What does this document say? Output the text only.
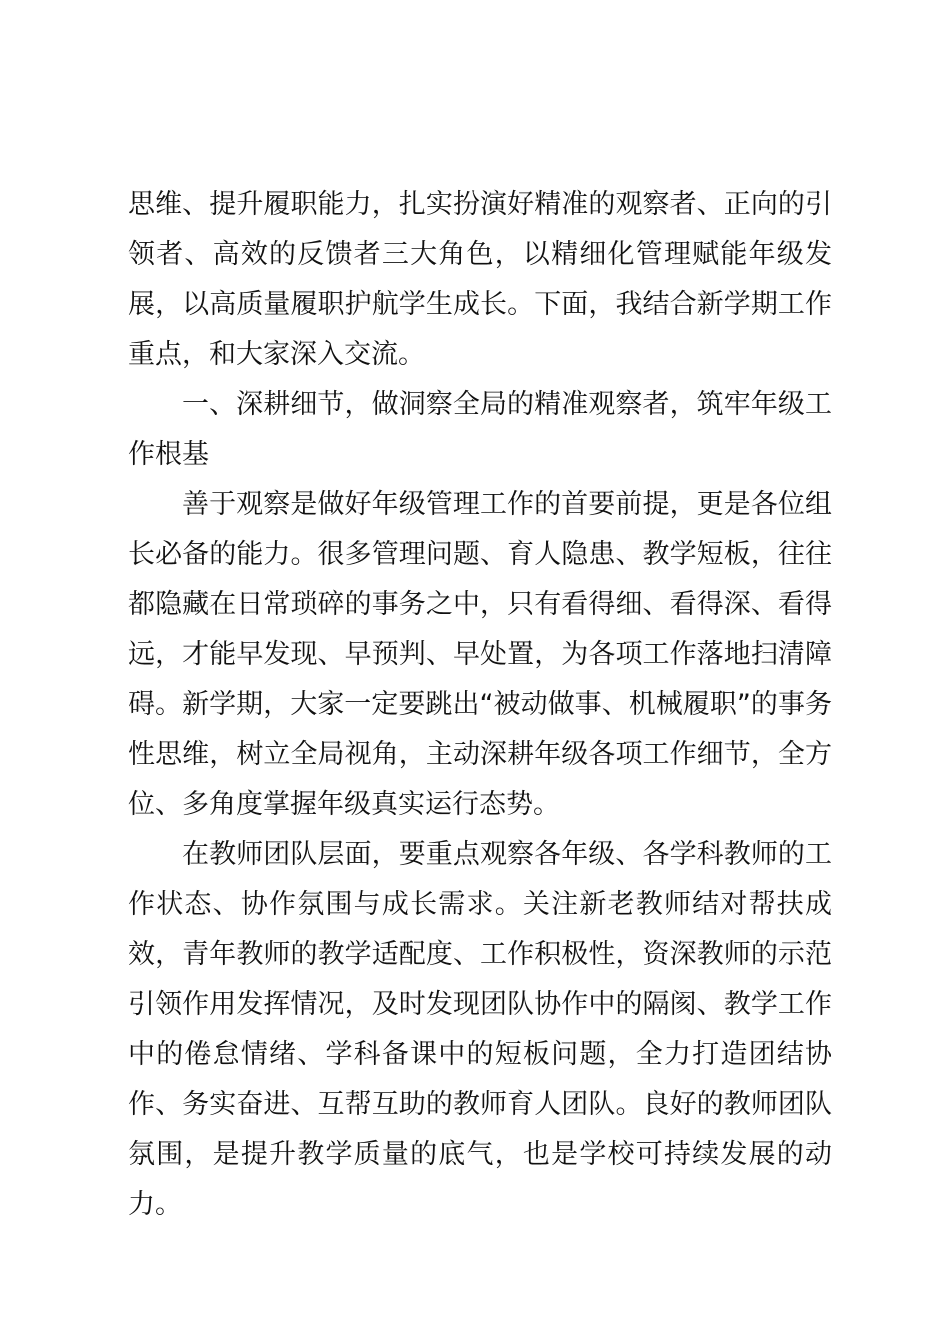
思维、提升履职能力，扎实扮演好精准的观察者、正向的引领者、高效的反馈者三大角色，以精细化管理赋能年级发展，以高质量履职护航学生成长。下面，我结合新学期工作重点，和大家深入交流。

一、深耕细节，做洞察全局的精准观察者，筑牢年级工作根基

善于观察是做好年级管理工作的首要前提，更是各位组长必备的能力。很多管理问题、育人隐患、教学短板，往往都隐藏在日常琐碎的事务之中，只有看得细、看得深、看得远，才能早发现、早预判、早处置，为各项工作落地扫清障碍。新学期，大家一定要跳出“被动做事、机械履职”的事务性思维，树立全局视角，主动深耕年级各项工作细节，全方位、多角度掌握年级真实运行态势。

在教师团队层面，要重点观察各年级、各学科教师的工作状态、协作氛围与成长需求。关注新老教师结对帮扶成效，青年教师的教学适配度、工作积极性，资深教师的示范引领作用发挥情况，及时发现团队协作中的隔阂、教学工作中的倦怠情绪、学科备课中的短板问题，全力打造团结协作、务实奋进、互帮互助的教师育人团队。良好的教师团队氛围，是提升教学质量的底气，也是学校可持续发展的动力。
